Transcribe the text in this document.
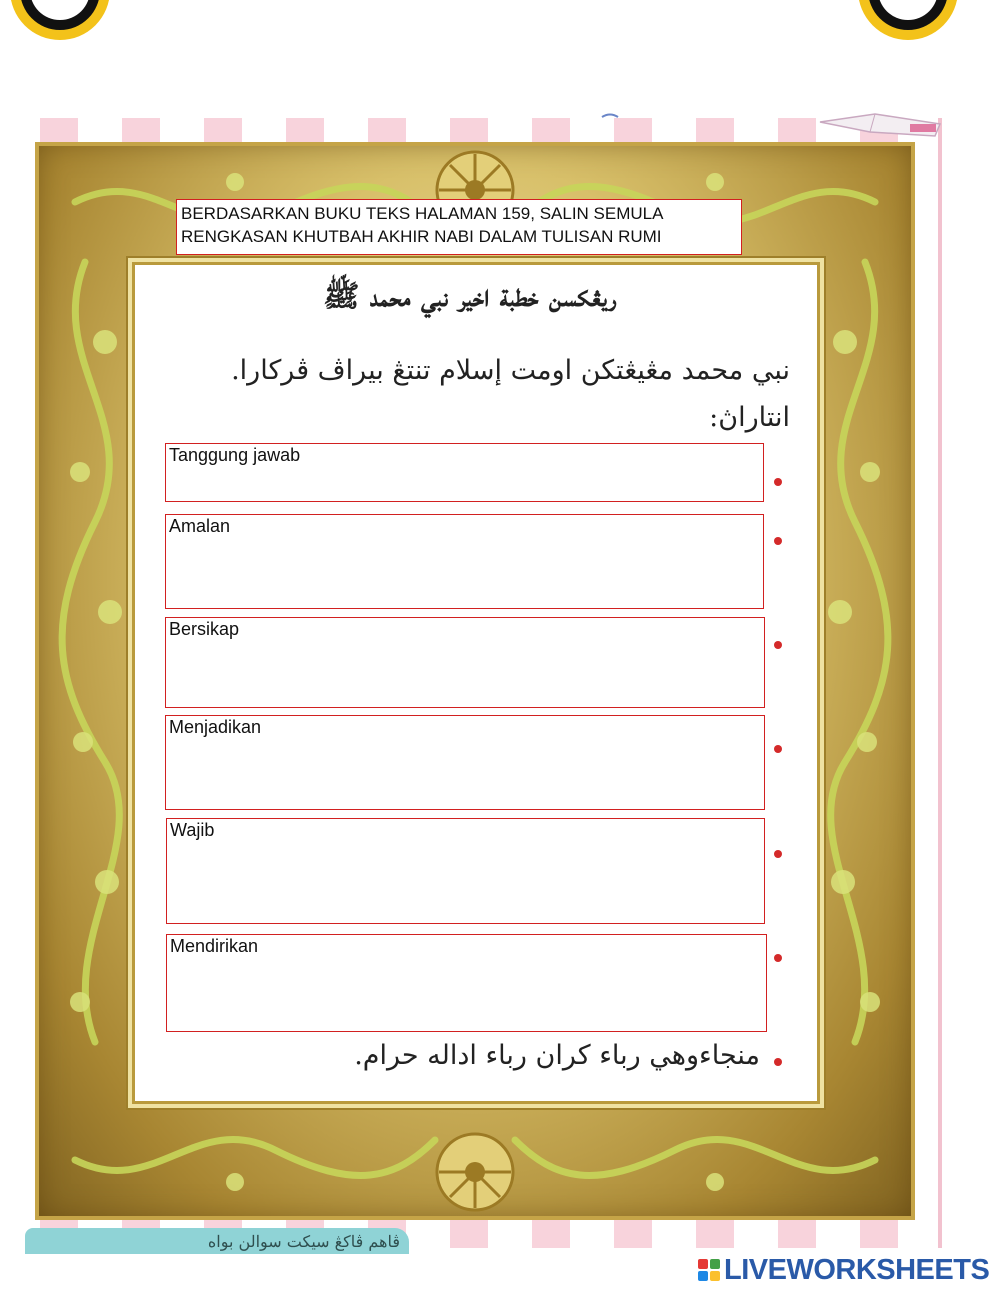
BERDASARKAN BUKU TEKS HALAMAN 159, SALIN SEMULA
RENGKASAN KHUTBAH AKHIR NABI DALAM TULISAN RUMI
ريڠکسن خطبة اخير نبي محمد ﷺ
نبي محمد مڠيڠتکن اومت إسلام تنتڠ بيراڤ ڤرکارا.
انتاراڽ:
Tanggung jawab
Amalan
Bersikap
Menjadikan
Wajib
Mendirikan
منجاءوهي رباء کران رباء اداله حرام.
ڤاهم ڤاکڠ سيکت سوالن بواه
LIVEWORKSHEETS
